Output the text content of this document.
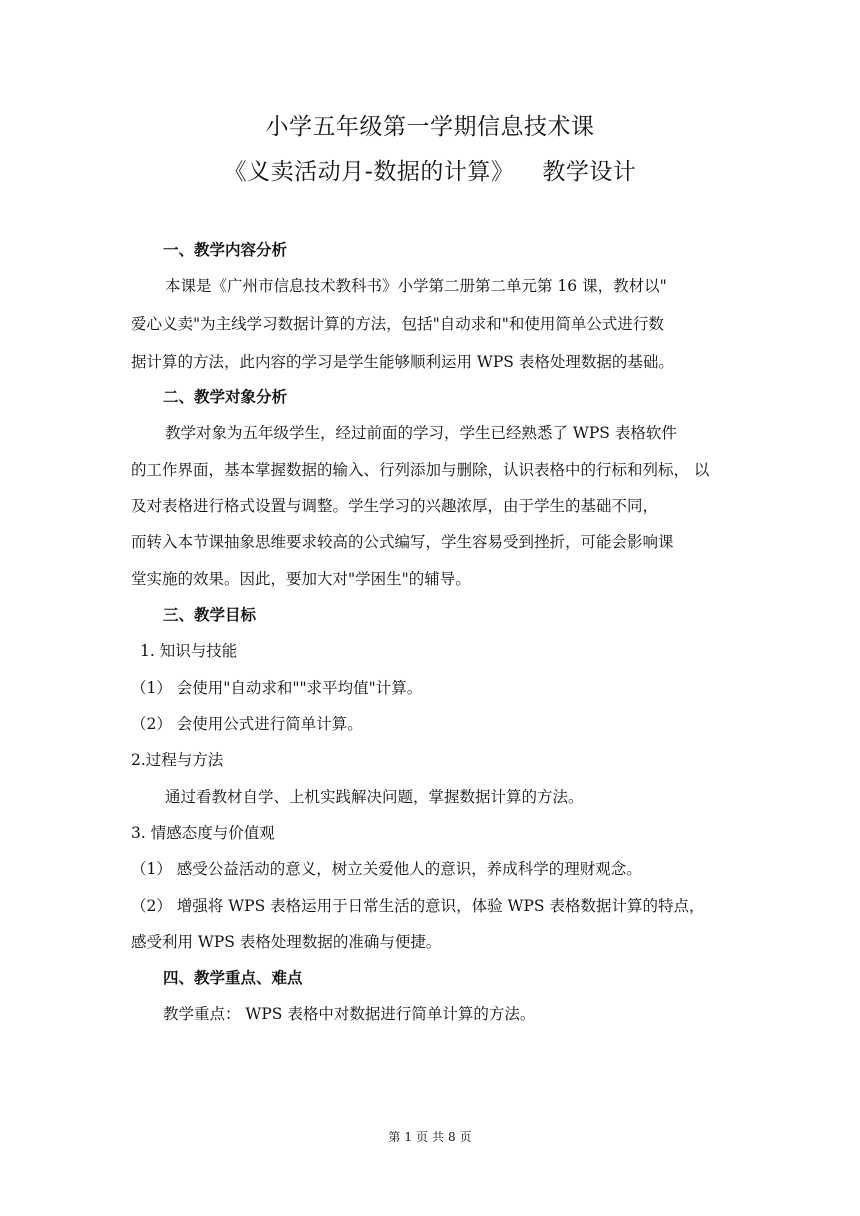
小学五年级第一学期信息技术课
《义卖活动月-数据的计算》 教学设计
一、教学内容分析
本课是《广州市信息技术教科书》小学第二册第二单元第 16 课，教材以"
爱心义卖"为主线学习数据计算的方法，包括"自动求和"和使用简单公式进行数
据计算的方法，此内容的学习是学生能够顺利运用 WPS 表格处理数据的基础。
二、教学对象分析
教学对象为五年级学生，经过前面的学习，学生已经熟悉了 WPS 表格软件
的工作界面，基本掌握数据的输入、行列添加与删除，认识表格中的行标和列标， 以
及对表格进行格式设置与调整。学生学习的兴趣浓厚，由于学生的基础不同，
而转入本节课抽象思维要求较高的公式编写，学生容易受到挫折，可能会影响课
堂实施的效果。因此，要加大对"学困生"的辅导。
三、教学目标
1. 知识与技能
（1） 会使用"自动求和""求平均值"计算。
（2） 会使用公式进行简单计算。
2.过程与方法
通过看教材自学、上机实践解决问题，掌握数据计算的方法。
3. 情感态度与价值观
（1） 感受公益活动的意义，树立关爱他人的意识，养成科学的理财观念。
（2） 增强将 WPS 表格运用于日常生活的意识，体验 WPS 表格数据计算的特点，
感受利用 WPS 表格处理数据的准确与便捷。
四、教学重点、难点
教学重点： WPS 表格中对数据进行简单计算的方法。
第 1 页 共 8 页
